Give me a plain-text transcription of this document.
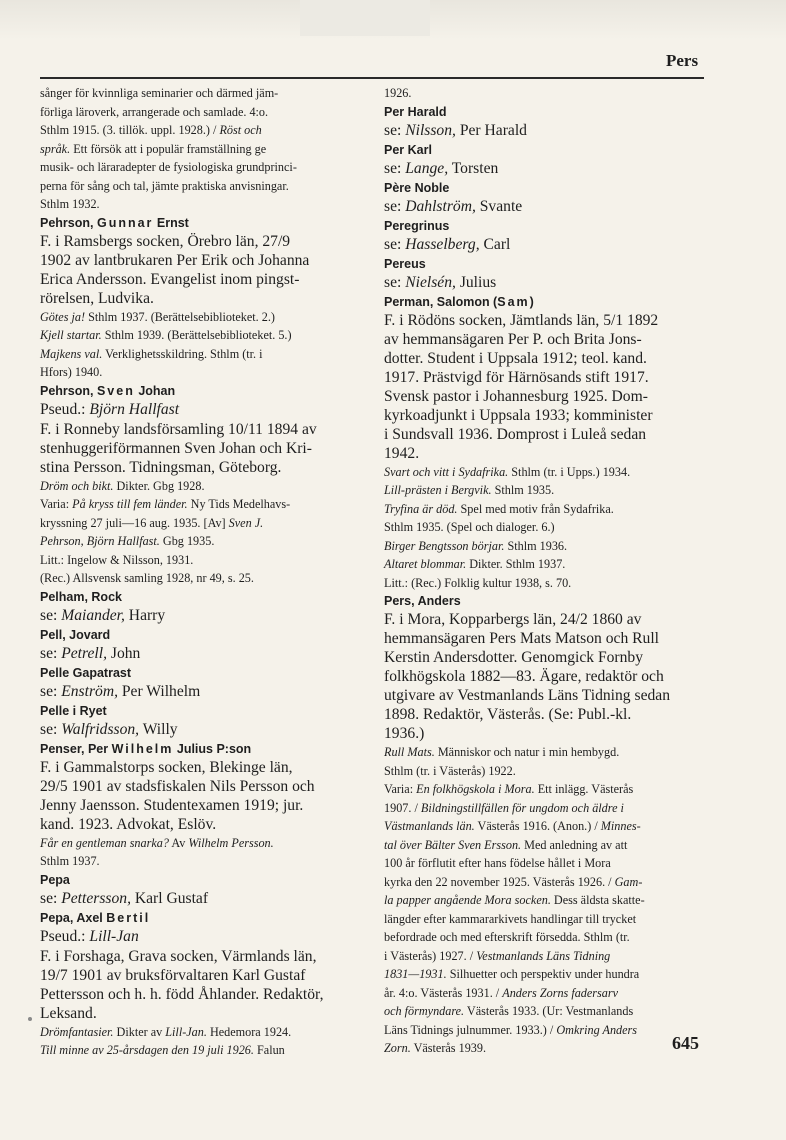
Pers

sånger för kvinnliga seminarier och därmed jäm-

förliga läroverk, arrangerade och samlade. 4:o.

Sthlm 1915. (3. tillök. uppl. 1928.) / Röst och

språk. Ett försök att i populär framställning ge

musik- och läraradepter de fysiologiska grundprinci-

perna för sång och tal, jämte praktiska anvisningar.

Sthlm 1932.

Pehrson, Gunnar Ernst

F. i Ramsbergs socken, Örebro län, 27/9

1902 av lantbrukaren Per Erik och Johanna

Erica Andersson. Evangelist inom pingst-

rörelsen, Ludvika.

Götes ja! Sthlm 1937. (Berättelsebiblioteket. 2.)

Kjell startar. Sthlm 1939. (Berättelsebiblioteket. 5.)

Majkens val. Verklighetsskildring. Sthlm (tr. i

Hfors) 1940.

Pehrson, Sven Johan

Pseud.: Björn Hallfast

F. i Ronneby landsförsamling 10/11 1894 av

stenhuggeriförmannen Sven Johan och Kri-

stina Persson. Tidningsman, Göteborg.

Dröm och bikt. Dikter. Gbg 1928.

Varia: På kryss till fem länder. Ny Tids Medelhavs-

kryssning 27 juli—16 aug. 1935. [Av] Sven J.

Pehrson, Björn Hallfast. Gbg 1935.

Litt.: Ingelow & Nilsson, 1931.

(Rec.) Allsvensk samling 1928, nr 49, s. 25.

Pelham, Rock

se: Maiander, Harry

Pell, Jovard

se: Petrell, John

Pelle Gapatrast

se: Enström, Per Wilhelm

Pelle i Ryet

se: Walfridsson, Willy

Penser, Per Wilhelm Julius P:son

F. i Gammalstorps socken, Blekinge län,

29/5 1901 av stadsfiskalen Nils Persson och

Jenny Jaensson. Studentexamen 1919; jur.

kand. 1923. Advokat, Eslöv.

Får en gentleman snarka? Av Wilhelm Persson.

Sthlm 1937.

Pepa

se: Pettersson, Karl Gustaf

Pepa, Axel Bertil

Pseud.: Lill-Jan

F. i Forshaga, Grava socken, Värmlands län,

19/7 1901 av bruksförvaltaren Karl Gustaf

Pettersson och h. h. född Åhlander. Redaktör,

Leksand.

Drömfantasier. Dikter av Lill-Jan. Hedemora 1924.

Till minne av 25-årsdagen den 19 juli 1926. Falun

1926.

Per Harald

se: Nilsson, Per Harald

Per Karl

se: Lange, Torsten

Père Noble

se: Dahlström, Svante

Peregrinus

se: Hasselberg, Carl

Pereus

se: Nielsén, Julius

Perman, Salomon (Sam)

F. i Rödöns socken, Jämtlands län, 5/1 1892

av hemmansägaren Per P. och Brita Jons-

dotter. Student i Uppsala 1912; teol. kand.

1917. Prästvigd för Härnösands stift 1917.

Svensk pastor i Johannesburg 1925. Dom-

kyrkoadjunkt i Uppsala 1933; komminister

i Sundsvall 1936. Domprost i Luleå sedan

1942.

Svart och vitt i Sydafrika. Sthlm (tr. i Upps.) 1934.

Lill-prästen i Bergvik. Sthlm 1935.

Tryfina är död. Spel med motiv från Sydafrika.

Sthlm 1935. (Spel och dialoger. 6.)

Birger Bengtsson börjar. Sthlm 1936.

Altaret blommar. Dikter. Sthlm 1937.

Litt.: (Rec.) Folklig kultur 1938, s. 70.

Pers, Anders

F. i Mora, Kopparbergs län, 24/2 1860 av

hemmansägaren Pers Mats Matson och Rull

Kerstin Andersdotter. Genomgick Fornby

folkhögskola 1882—83. Ägare, redaktör och

utgivare av Vestmanlands Läns Tidning sedan

1898. Redaktör, Västerås. (Se: Publ.-kl.

1936.)

Rull Mats. Människor och natur i min hembygd.

Sthlm (tr. i Västerås) 1922.

Varia: En folkhögskola i Mora. Ett inlägg. Västerås

1907. / Bildningstillfällen för ungdom och äldre i

Västmanlands län. Västerås 1916. (Anon.) / Minnes-

tal över Bälter Sven Ersson. Med anledning av att

100 år förflutit efter hans födelse hållet i Mora

kyrka den 22 november 1925. Västerås 1926. / Gam-

la papper angående Mora socken. Dess äldsta skatte-

längder efter kammararkivets handlingar till trycket

befordrade och med efterskrift försedda. Sthlm (tr.

i Västerås) 1927. / Vestmanlands Läns Tidning

1831—1931. Silhuetter och perspektiv under hundra

år. 4:o. Västerås 1931. / Anders Zorns fadersarv

och förmyndare. Västerås 1933. (Ur: Vestmanlands

Läns Tidnings julnummer. 1933.) / Omkring Anders

Zorn. Västerås 1939.	645
